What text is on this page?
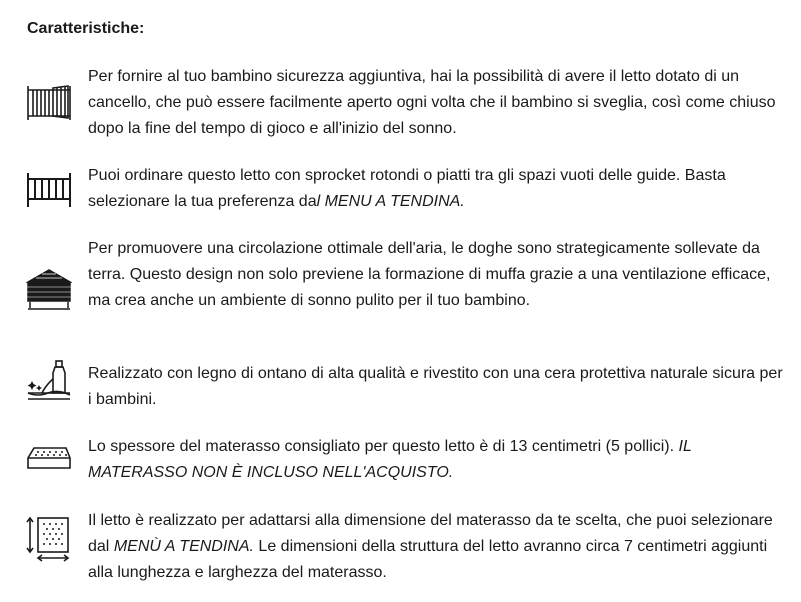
Caratteristiche:

Per fornire al tuo bambino sicurezza aggiuntiva, hai la possibilità di avere il letto dotato di un cancello, che può essere facilmente aperto ogni volta che il bambino si sveglia, così come chiuso dopo la fine del tempo di gioco e all'inizio del sonno.

Puoi ordinare questo letto con sprocket rotondi o piatti tra gli spazi vuoti delle guide. Basta selezionare la tua preferenza dal MENU A TENDINA.

Per promuovere una circolazione ottimale dell'aria, le doghe sono strategicamente sollevate da terra. Questo design non solo previene la formazione di muffa grazie a una ventilazione efficace, ma crea anche un ambiente di sonno pulito per il tuo bambino.

Realizzato con legno di ontano di alta qualità e rivestito con una cera protettiva naturale sicura per i bambini.

Lo spessore del materasso consigliato per questo letto è di 13 centimetri (5 pollici). IL MATERASSO NON È INCLUSO NELL'ACQUISTO.

Il letto è realizzato per adattarsi alla dimensione del materasso da te scelta, che puoi selezionare dal MENÙ A TENDINA. Le dimensioni della struttura del letto avranno circa 7 centimetri aggiunti alla lunghezza e larghezza del materasso.
